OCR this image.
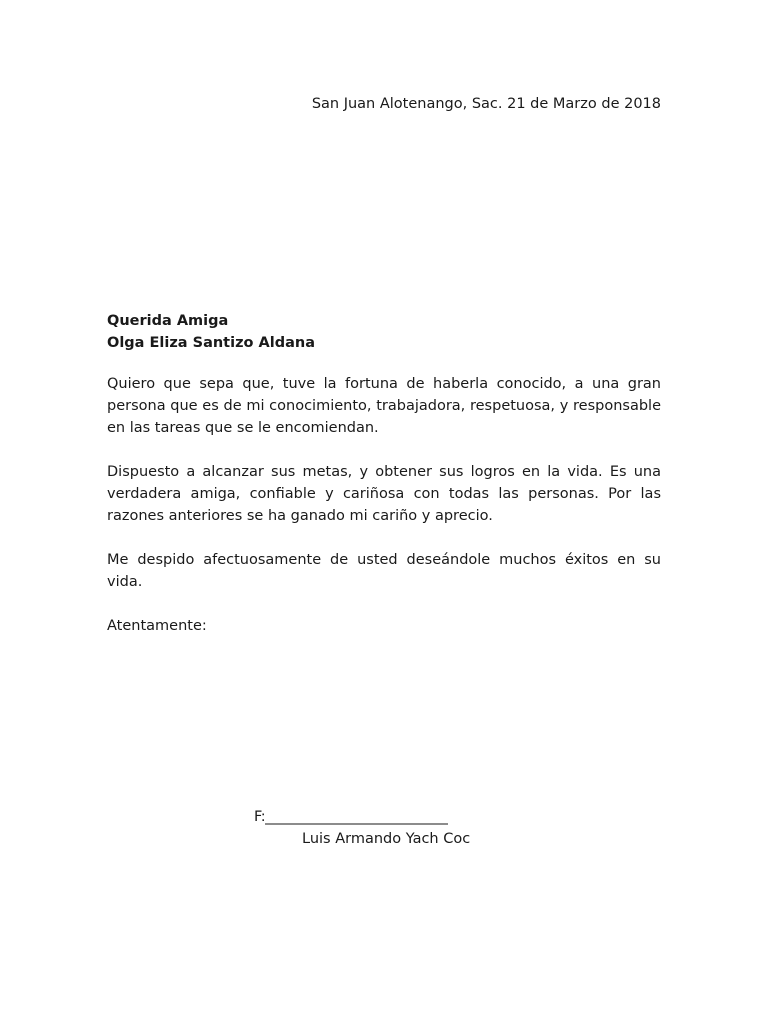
San Juan Alotenango, Sac. 21 de Marzo de 2018
Querida Amiga
Olga Eliza Santizo Aldana

Quiero que sepa que, tuve la fortuna de haberla conocido, a una gran persona que es de mi conocimiento, trabajadora, respetuosa, y responsable en las tareas que se le encomiendan.

Dispuesto a alcanzar sus metas, y obtener sus logros en la vida. Es una verdadera amiga, confiable y cariñosa con todas las personas. Por las razones anteriores se ha ganado mi cariño y aprecio.

Me despido afectuosamente de usted deseándole muchos éxitos en su vida.

Atentamente:

F:___________________________
Luis Armando Yach Coc
